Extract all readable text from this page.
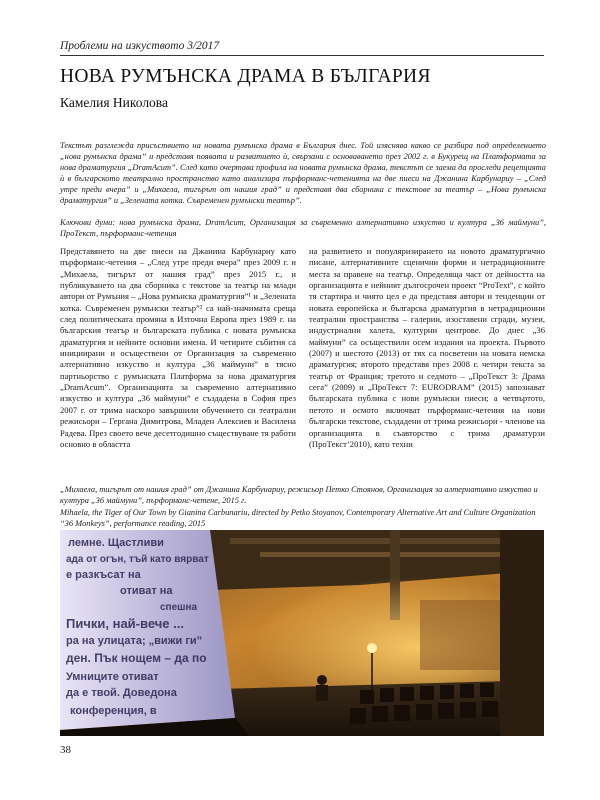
Проблеми на изкуството 3/2017
НОВА РУМЪНСКА ДРАМА В БЪЛГАРИЯ
Камелия Николова

Текстът разглежда присъствието на новата румънска драма в България днес. Той изяснява какво се разбира под определението „нова румънска драма” и представя появата и развитието ѝ, свързани с основаването през 2002 г. в Букурещ на Платформата за нова драматургия „DramAcum”. След като очертава профила на новата румънска драма, текстът се заема да проследи рецепцията ѝ в българското театрално пространство като анализира пърформанс-четенията на две пиеси на Джанина Карбунариу – „След утре преди вчера” и „Михаела, тигърът от нашия град” и представя два сборника с текстове за театър – „Нова румънска драматургия” и „Зелената котка. Съвременен румънски театър”.

Ключови думи: нова румънска драма, DramAcum, Организация за съвременно алтернативно изкуство и култура „36 маймуни”, ПроТекст, пърформанс-четения

Представянето на две пиеси на Джанина Карбунариу като пърформанс-четения – „След утре преди вчера” през 2009 г. и „Михаела, тигърът от нашия град” през 2015 г., и публикуването на два сборника с текстове за театър на млади автори от Румъния – „Нова румънска драматургия”¹ и „Зелената котка. Съвременен румънски театър”² са най-значимата среща след политическата промяна в Източна Европа през 1989 г. на българския театър и българската публика с новата румънска драматургия и нейните основни имена. И четирите събития са инициирани и осъществени от Организация за съвременно алтернативно изкуство и култура „36 маймуни” в тясно партньорство с румънската Платформа за нова драматургия „DramAcum”. Организацията за съвременно алтернативно изкуство и култура „36 маймуни” е създадена в София през 2007 г. от трима наскоро завършили обучението си театрални режисьори – Гергана Димитрова, Младен Алексиев и Василена Радева. През своето вече десетгодишно съществуване тя работи основно в областта

на развитието и популяризирането на новото драматургично писане, алтернативните сценични форми и нетрадиционните места за правене на театър. Определяща част от дейността на организацията е нейният дългосрочен проект “ProText”, с който тя стартира и чиято цел е да представя автори и тенденции от новата европейска и българска драматургия в нетрадиционни театрални пространства – галерии, изоставени сгради, музеи, индустриални халета, културни центрове. До днес „36 маймуни” са осъществили осем издания на проекта. Първото (2007) и шестото (2013) от тях са посветени на новата немска драматургия; второто представя през 2008 г. четири текста за театър от Франция; третото и седмото – „ПроТекст 3: Драма сега” (2009) и „ПроТекст 7: EURODRAM” (2015) запознават българската публика с нови румънски пиеси; а четвъртото, петото и осмото включват пърформанс-четения на нови български текстове, създадени от трима режисьори - членове на организацията в съавторство с трима драматурзи (ПроТекст’2010), като техни

„Михаела, тигърът от нашия град” от Джанина Карбунариу, режисьор Петко Стоянов, Организация за алтернативно изкуство и култура „36 маймуни”, пърформанс-четене, 2015 г.

Mihaela, the Tiger of Our Town by Gianina Carbunariu, directed by Petko Stoyanov, Contemporary Alternative Art and Culture Organization “36 Monkeys”, performance reading, 2015

лемне. Щастливи
ада от огън, тъй като вярват
е разкъсат на
отиват на
спешна
Пички, най-вече ...
ра на улицата; „вижи ги”
ден. Пък нощем – да по
Умниците отиват
да е твой. Доведона
конференция, в
38
